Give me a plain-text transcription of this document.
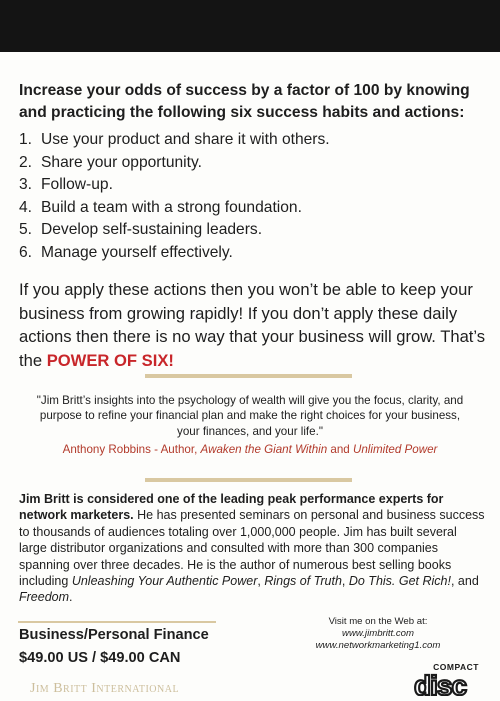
Increase your odds of success by a factor of 100 by knowing and practicing the following six success habits and actions:

1. Use your product and share it with others.
2. Share your opportunity.
3. Follow-up.
4. Build a team with a strong foundation.
5. Develop self-sustaining leaders.
6. Manage yourself effectively.

If you apply these actions then you won’t be able to keep your business from growing rapidly! If you don’t apply these daily actions then there is no way that your business will grow. That’s the POWER OF SIX!

"Jim Britt’s insights into the psychology of wealth will give you the focus, clarity, and purpose to refine your financial plan and make the right choices for your business, your finances, and your life."

Anthony Robbins - Author, Awaken the Giant Within and Unlimited Power

Jim Britt is considered one of the leading peak performance experts for network marketers. He has presented seminars on personal and business success to thousands of audiences totaling over 1,000,000 people. Jim has built several large distributor organizations and consulted with more than 300 companies spanning over three decades. He is the author of numerous best selling books including Unleashing Your Authentic Power, Rings of Truth, Do This. Get Rich!, and Freedom.

Visit me on the Web at:
www.jimbritt.com
www.networkmarketing1.com
Business/Personal Finance
$49.00 US / $49.00 CAN
JIM BRITT INTERNATIONAL
COMPACT
disc
